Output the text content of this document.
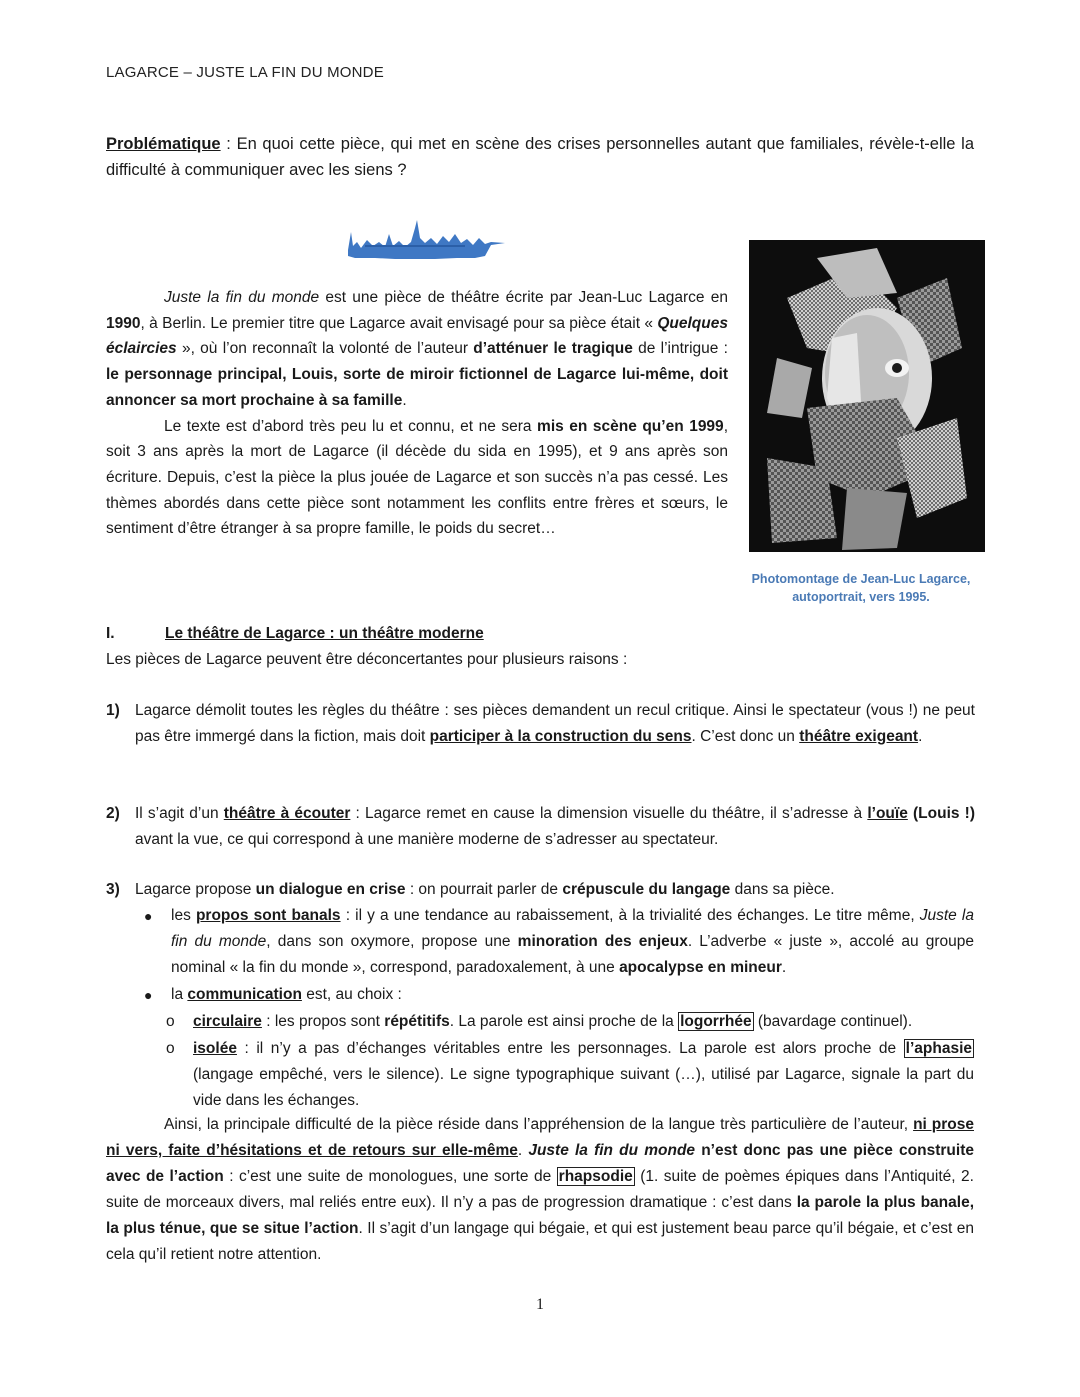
LAGARCE – JUSTE LA FIN DU MONDE
Problématique : En quoi cette pièce, qui met en scène des crises personnelles autant que familiales, révèle-t-elle la difficulté à communiquer avec les siens ?

Juste la fin du monde est une pièce de théâtre écrite par Jean-Luc Lagarce en 1990, à Berlin. Le premier titre que Lagarce avait envisagé pour sa pièce était « Quelques éclaircies », où l’on reconnaît la volonté de l’auteur d’atténuer le tragique de l’intrigue : le personnage principal, Louis, sorte de miroir fictionnel de Lagarce lui-même, doit annoncer sa mort prochaine à sa famille.

Le texte est d’abord très peu lu et connu, et ne sera mis en scène qu’en 1999, soit 3 ans après la mort de Lagarce (il décède du sida en 1995), et 9 ans après son écriture. Depuis, c’est la pièce la plus jouée de Lagarce et son succès n’a pas cessé. Les thèmes abordés dans cette pièce sont notamment les conflits entre frères et sœurs, le sentiment d’être étranger à sa propre famille, le poids du secret…

Photomontage de Jean-Luc Lagarce,
autoportrait, vers 1995.
I.	Le théâtre de Lagarce : un théâtre moderne
Les pièces de Lagarce peuvent être déconcertantes pour plusieurs raisons :
1) Lagarce démolit toutes les règles du théâtre : ses pièces demandent un recul critique. Ainsi le spectateur (vous !) ne peut pas être immergé dans la fiction, mais doit participer à la construction du sens. C’est donc un théâtre exigeant.
2) Il s’agit d’un théâtre à écouter : Lagarce remet en cause la dimension visuelle du théâtre, il s’adresse à l’ouïe (Louis !) avant la vue, ce qui correspond à une manière moderne de s’adresser au spectateur.
3) Lagarce propose un dialogue en crise : on pourrait parler de crépuscule du langage dans sa pièce.
● les propos sont banals : il y a une tendance au rabaissement, à la trivialité des échanges. Le titre même, Juste la fin du monde, dans son oxymore, propose une minoration des enjeux. L’adverbe « juste », accolé au groupe nominal « la fin du monde », correspond, paradoxalement, à une apocalypse en mineur.
● la communication est, au choix :
o circulaire : les propos sont répétitifs. La parole est ainsi proche de la logorrhée (bavardage continuel).
o isolée : il n’y a pas d’échanges véritables entre les personnages. La parole est alors proche de l’aphasie (langage empêché, vers le silence). Le signe typographique suivant (…), utilisé par Lagarce, signale la part du vide dans les échanges.

Ainsi, la principale difficulté de la pièce réside dans l’appréhension de la langue très particulière de l’auteur, ni prose ni vers, faite d’hésitations et de retours sur elle-même. Juste la fin du monde n’est donc pas une pièce construite avec de l’action : c’est une suite de monologues, une sorte de rhapsodie (1. suite de poèmes épiques dans l’Antiquité, 2. suite de morceaux divers, mal reliés entre eux). Il n’y a pas de progression dramatique : c’est dans la parole la plus banale, la plus ténue, que se situe l’action. Il s’agit d’un langage qui bégaie, et qui est justement beau parce qu’il bégaie, et c’est en cela qu’il retient notre attention.

1
